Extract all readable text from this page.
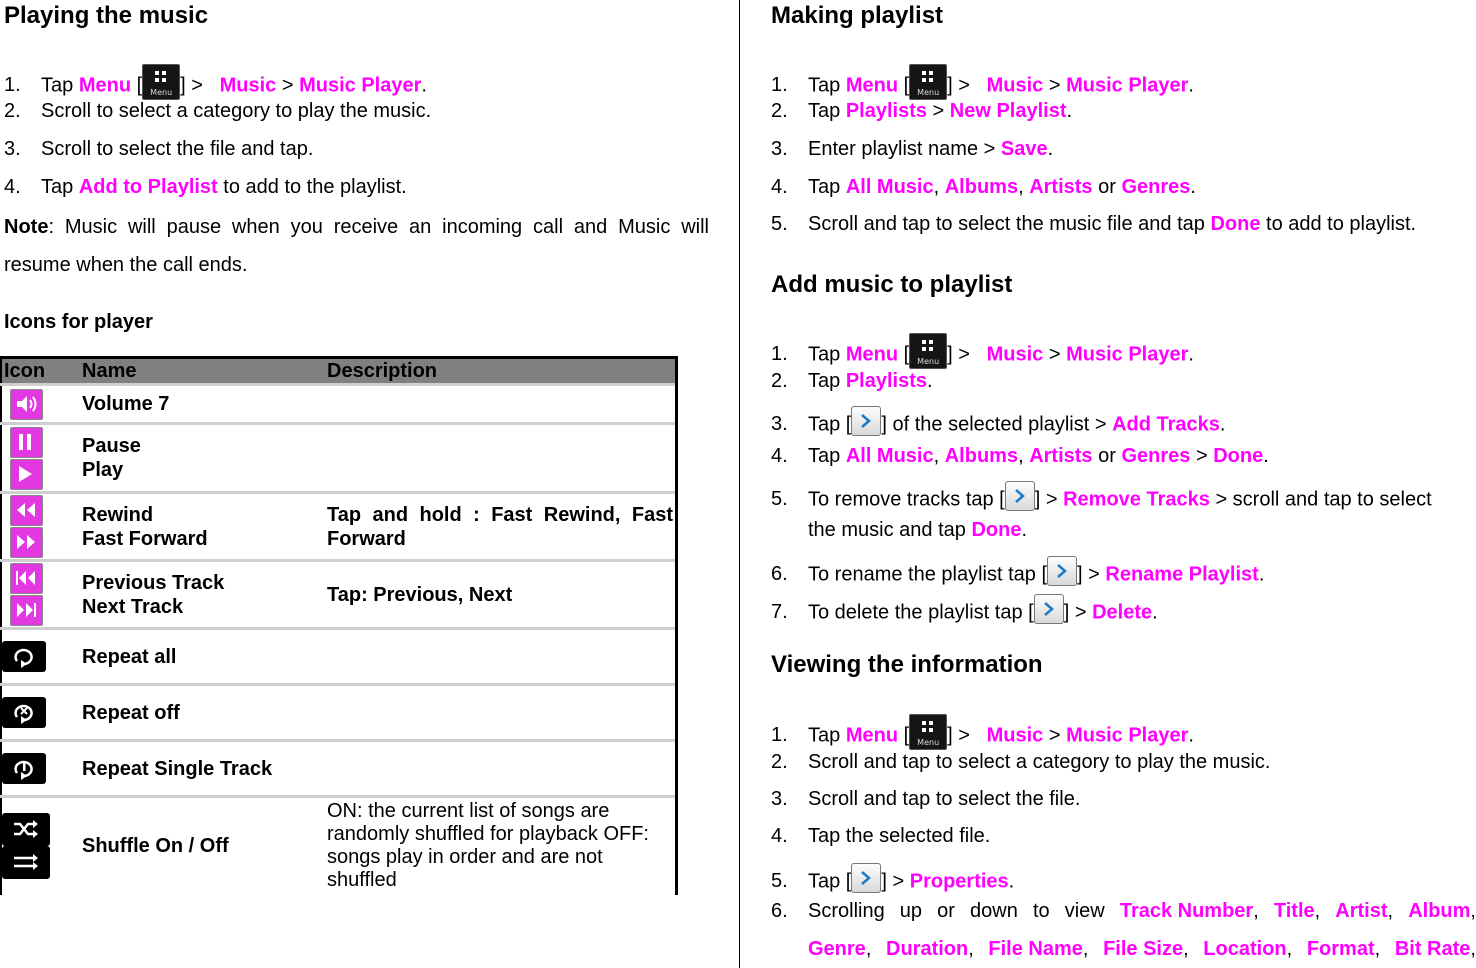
Playing the music
1. Tap Menu [	Menu ] >   Music > Music Player.
2. Scroll to select a category to play the music.
3. Scroll to select the file and tap.
4. Tap Add to Playlist to add to the playlist.
Note: Music will pause when you receive an incoming call and Music will resume when the call ends.
Icons for player
Icon	Name	Description

	Volume 7	

	Pause
Play	

	Rewind
Fast Forward	Tap and hold : Fast Rewind, Fast Forward

	Previous Track
Next Track	Tap: Previous, Next

	Repeat all	

	Repeat off	

	Repeat Single Track	

	Shuffle On / Off	ON: the current list of songs are randomly shuffled for playback OFF: songs play in order and are not shuffled
Making playlist
1. Tap Menu [	Menu ] >   Music > Music Player.
2. Tap Playlists > New Playlist.
3. Enter playlist name > Save.
4. Tap All Music, Albums, Artists or Genres.
5. Scroll and tap to select the music file and tap Done to add to playlist.
Add music to playlist
1. Tap Menu [	Menu ] >   Music > Music Player.
2. Tap Playlists.
3. Tap [ ] of the selected playlist > Add Tracks.
4. Tap All Music, Albums, Artists or Genres > Done.
5. To remove tracks tap [ ] > Remove Tracks > scroll and tap to select
the music and tap Done.
6. To rename the playlist tap [ ] > Rename Playlist.
7. To delete the playlist tap [ ] > Delete.
Viewing the information
1. Tap Menu [	Menu ] >   Music > Music Player.
2. Scroll and tap to select a category to play the music.
3. Scroll and tap to select the file.
4. Tap the selected file.
5. Tap [ ] > Properties.
6.	Scrolling up or down to view Track Number, Title, Artist, Album,
Genre, Duration, File Name, File Size, Location, Format, Bit Rate,
